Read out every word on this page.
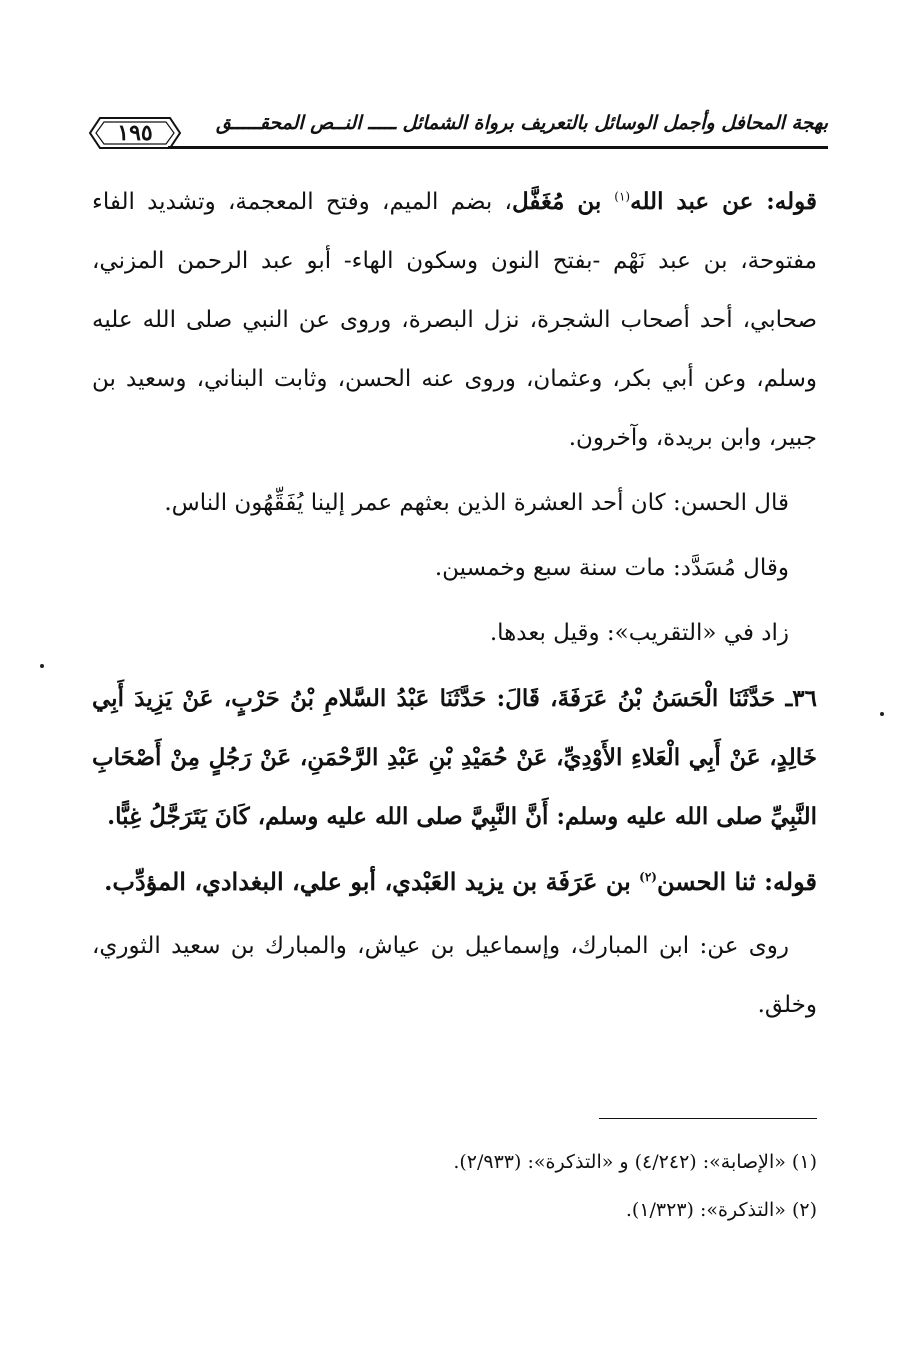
بهجة المحافل وأجمل الوسائل بالتعريف برواة الشمائل ـــــ النــص المحقـــــق
١٩٥

قوله: عن عبد الله$^{(١)}$ بن مُغَفَّل، بضم الميم، وفتح المعجمة، وتشديد الفاء مفتوحة، بن عبد نَهْم -بفتح النون وسكون الهاء- أبو عبد الرحمن المزني، صحابي، أحد أصحاب الشجرة، نزل البصرة، وروى عن النبي صلى الله عليه وسلم، وعن أبي بكر، وعثمان، وروى عنه الحسن، وثابت البناني، وسعيد بن جبير، وابن بريدة، وآخرون.

قال الحسن: كان أحد العشرة الذين بعثهم عمر إلينا يُفَقِّهُون الناس.

وقال مُسَدَّد: مات سنة سبع وخمسين.

زاد في «التقريب»: وقيل بعدها.

٣٦ـ حَدَّثَنَا الْحَسَنُ بْنُ عَرَفَةَ، قَالَ: حَدَّثَنَا عَبْدُ السَّلامِ بْنُ حَرْبٍ، عَنْ يَزِيدَ أَبِي خَالِدٍ، عَنْ أَبِي الْعَلاءِ الأَوْدِيِّ، عَنْ حُمَيْدِ بْنِ عَبْدِ الرَّحْمَنِ، عَنْ رَجُلٍ مِنْ أَصْحَابِ النَّبِيِّ صلى الله عليه وسلم: أَنَّ النَّبِيَّ صلى الله عليه وسلم، كَانَ يَتَرَجَّلُ غِبًّا.

قوله: ثنا الحسن$^{(٢)}$ بن عَرَفَة بن يزيد العَبْدي، أبو علي، البغدادي، المؤدِّب.

روى عن: ابن المبارك، وإسماعيل بن عياش، والمبارك بن سعيد الثوري، وخلق.

(١) «الإصابة»: (٤/٢٤٢) و «التذكرة»: (٢/٩٣٣).
(٢) «التذكرة»: (١/٣٢٣).
